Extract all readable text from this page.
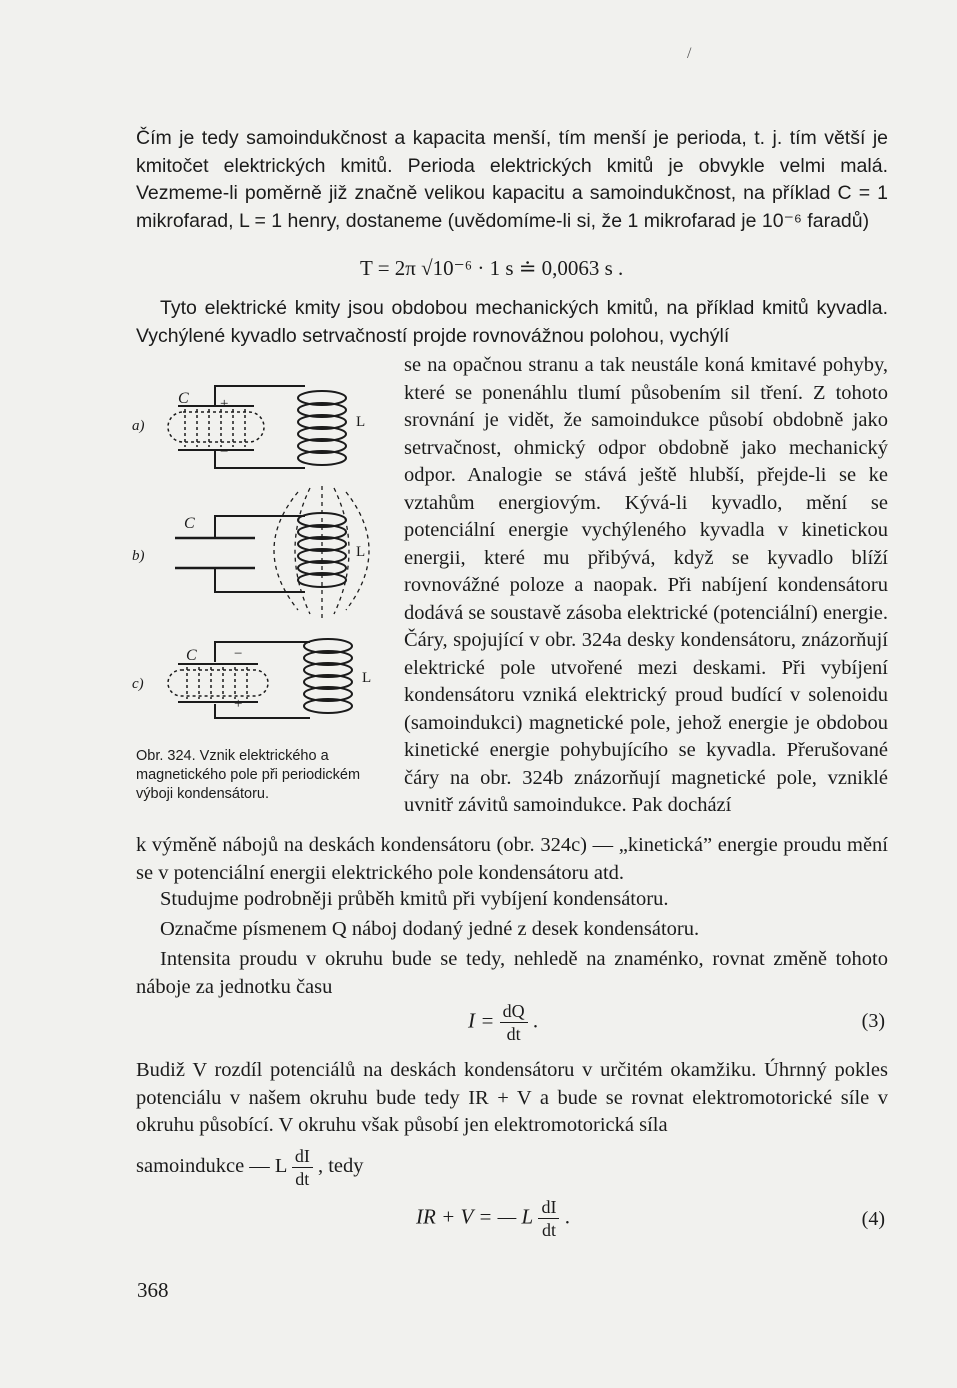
/

Čím je tedy samoindukčnost a kapacita menší, tím menší je perioda, t. j. tím větší je kmitočet elektrických kmitů. Perioda elektrických kmitů je obvykle velmi malá. Vezmeme-li poměrně již značně velikou kapacitu a samoindukčnost, na příklad C = 1 mikrofarad, L = 1 henry, dostaneme (uvědomíme-li si, že 1 mikrofarad je 10⁻⁶ faradů)

T = 2π √10⁻⁶ · 1 s ≐ 0,0063 s .

Tyto elektrické kmity jsou obdobou mechanických kmitů, na příklad kmitů kyvadla. Vychýlené kyvadlo setrvačností projde rovnovážnou polohou, vychýlí

se na opačnou stranu a tak neustále koná kmitavé pohyby, které se ponenáhlu tlumí působením sil tření. Z tohoto srovnání je vidět, že samoindukce působí obdobně jako setrvačnost, ohmický odpor obdobně jako mechanický odpor. Analogie se stává ještě hlubší, přejde-li se ke vztahům energiovým. Kývá-li kyvadlo, mění se potenciální energie vychýleného kyvadla v kinetickou energii, které mu přibývá, když se kyvadlo blíží rovnovážné poloze a naopak. Při nabíjení kondensátoru dodává se soustavě zásoba elektrické (potenciální) energie. Čáry, spojující v obr. 324a desky kondensátoru, znázorňují elektrické pole utvořené mezi deskami. Při vybíjení kondensátoru vzniká elektrický proud budící v solenoidu (samoindukci) magnetické pole, jehož energie je obdobou kinetické energie pohybujícího se kyvadla. Přerušované čáry na obr. 324b znázorňují magnetické pole, vzniklé uvnitř závitů samoindukce. Pak dochází

a)
C
L
+
−
b)
C
L
c)
C
L
−
+

Obr. 324. Vznik elektrického a magnetického pole při periodickém výboji kondensátoru.

k výměně nábojů na deskách kondensátoru (obr. 324c) — „kinetická” energie proudu mění se v potenciální energii elektrického pole kondensátoru atd.

Studujme podrobněji průběh kmitů při vybíjení kondensátoru.

Označme písmenem Q náboj dodaný jedné z desek kondensátoru.

Intensita proudu v okruhu bude se tedy, nehledě na znaménko, rovnat změně tohoto náboje za jednotku času

$I = \frac{dQ}{dt}$ .	(3)

Budiž V rozdíl potenciálů na deskách kondensátoru v určitém okamžiku. Úhrnný pokles potenciálu v našem okruhu bude tedy IR + V a bude se rovnat elektromotorické síle v okruhu působící. V okruhu však působí jen elektromotorická síla

samoindukce — L $\frac{dI}{dt}$ , tedy
IR + V = — L $\frac{dI}{dt}$ .	(4)
368
